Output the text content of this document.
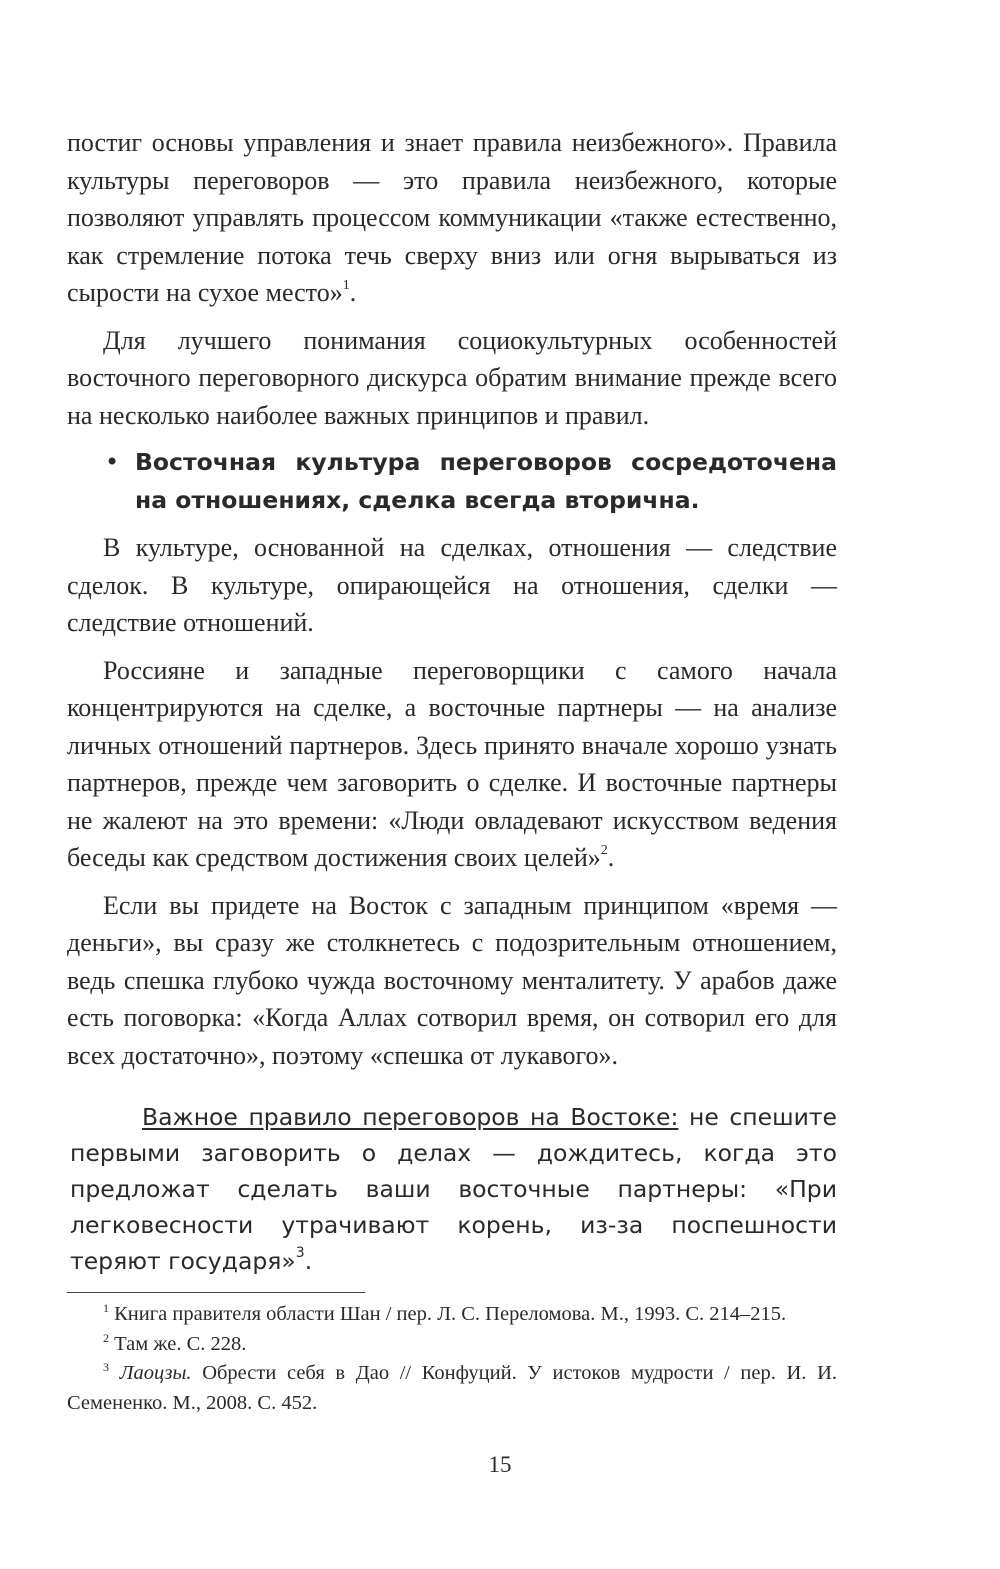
постиг основы управления и знает правила неизбежного». Правила культуры переговоров — это правила неизбежного, которые позволяют управлять процессом коммуникации «также естественно, как стремление потока течь сверху вниз или огня вырываться из сырости на сухое место»$^1$.

Для лучшего понимания социокультурных особенностей восточного переговорного дискурса обратим внимание прежде всего на несколько наиболее важных принципов и правил.

• Восточная культура переговоров сосредоточена на отношениях, сделка всегда вторична.

В культуре, основанной на сделках, отношения — следствие сделок. В культуре, опирающейся на отношения, сделки — следствие отношений.

Россияне и западные переговорщики с самого начала концентрируются на сделке, а восточные партнеры — на анализе личных отношений партнеров. Здесь принято вначале хорошо узнать партнеров, прежде чем заговорить о сделке. И восточные партнеры не жалеют на это времени: «Люди овладевают искусством ведения беседы как средством достижения своих целей»$^2$.

Если вы придете на Восток с западным принципом «время — деньги», вы сразу же столкнетесь с подозрительным отношением, ведь спешка глубоко чужда восточному менталитету. У арабов даже есть поговорка: «Когда Аллах сотворил время, он сотворил его для всех достаточно», поэтому «спешка от лукавого».

Важное правило переговоров на Востоке: не спешите первыми заговорить о делах — дождитесь, когда это предложат сделать ваши восточные партнеры: «При легковесности утрачивают корень, из-за поспешности теряют государя»$^3$.
$^1$ Книга правителя области Шан / пер. Л. С. Переломова. М., 1993. С. 214–215.
$^2$ Там же. С. 228.
$^3$ Лаоцзы. Обрести себя в Дао // Конфуций. У истоков мудрости / пер. И. И. Семененко. М., 2008. С. 452.
15
